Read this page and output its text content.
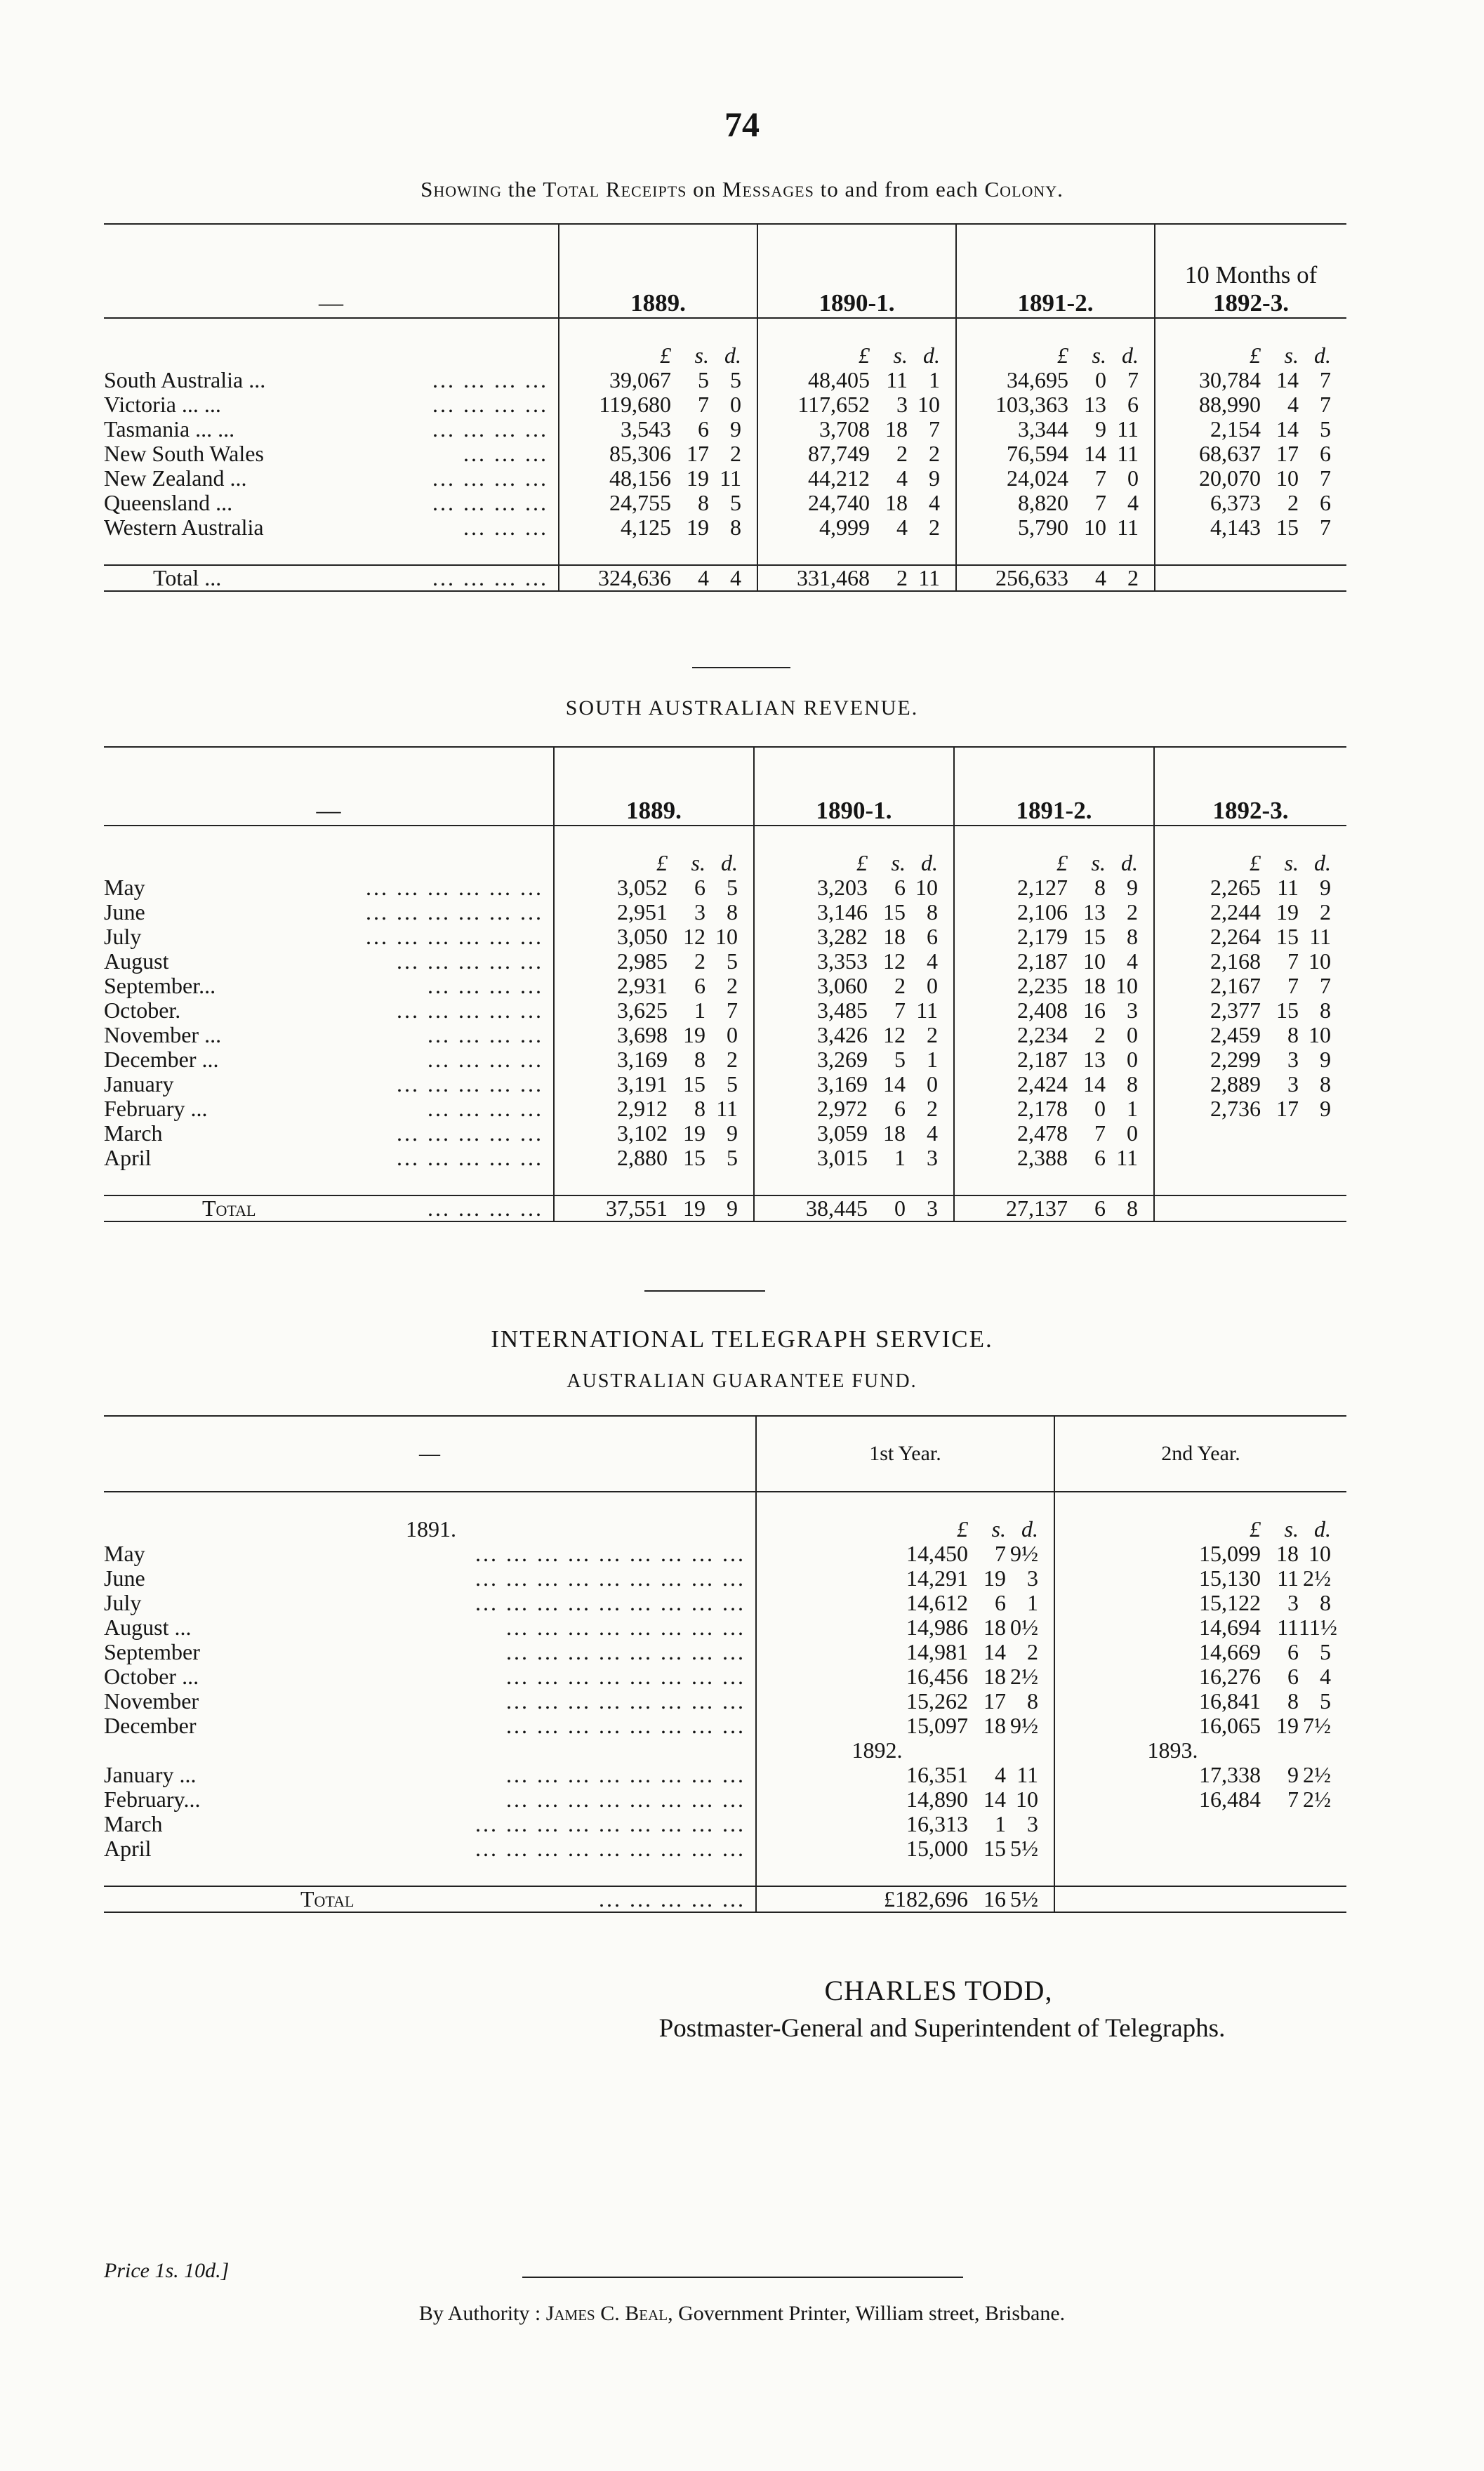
74
Showing the Total Receipts on Messages to and from each Colony.
—	1889.	1890-1.	1891-2.	10 Months of
1892-3.

	£ s. d.	£ s. d.	£ s. d.	£ s. d.

South Australia ... ... ... ... ...	39,067 5 5	48,405 11 1	34,695 0 7	30,784 14 7

Victoria ... ... ... ... ... ...	119,680 7 0	117,652 3 10	103,363 13 6	88,990 4 7

Tasmania ... ... ... ... ... ...	3,543 6 9	3,708 18 7	3,344 9 11	2,154 14 5

New South Wales ... ... ...	85,306 17 2	87,749 2 2	76,594 14 11	68,637 17 6

New Zealand ... ... ... ... ...	48,156 19 11	44,212 4 9	24,024 7 0	20,070 10 7

Queensland ... ... ... ... ...	24,755 8 5	24,740 18 4	8,820 7 4	6,373 2 6

Western Australia ... ... ...	4,125 19 8	4,999 4 2	5,790 10 11	4,143 15 7

Total ... ... ... ... ...	324,636 4 4	331,468 2 11	256,633 4 2	

SOUTH AUSTRALIAN REVENUE.
—	1889.	1890-1.	1891-2.	1892-3.

	£ s. d.	£ s. d.	£ s. d.	£ s. d.

May ... ... ... ... ... ...	3,052 6 5	3,203 6 10	2,127 8 9	2,265 11 9

June ... ... ... ... ... ...	2,951 3 8	3,146 15 8	2,106 13 2	2,244 19 2

July ... ... ... ... ... ...	3,050 12 10	3,282 18 6	2,179 15 8	2,264 15 11

August ... ... ... ... ...	2,985 2 5	3,353 12 4	2,187 10 4	2,168 7 10

September... ... ... ... ...	2,931 6 2	3,060 2 0	2,235 18 10	2,167 7 7

October. ... ... ... ... ...	3,625 1 7	3,485 7 11	2,408 16 3	2,377 15 8

November ... ... ... ... ...	3,698 19 0	3,426 12 2	2,234 2 0	2,459 8 10

December ... ... ... ... ...	3,169 8 2	3,269 5 1	2,187 13 0	2,299 3 9

January ... ... ... ... ...	3,191 15 5	3,169 14 0	2,424 14 8	2,889 3 8

February ... ... ... ... ...	2,912 8 11	2,972 6 2	2,178 0 1	2,736 17 9

March ... ... ... ... ...	3,102 19 9	3,059 18 4	2,478 7 0	

April ... ... ... ... ...	2,880 15 5	3,015 1 3	2,388 6 11	

Total ... ... ... ...	37,551 19 9	38,445 0 3	27,137 6 8	

INTERNATIONAL TELEGRAPH SERVICE.
AUSTRALIAN GUARANTEE FUND.
—	1st Year.	2nd Year.

1891.	£ s. d.	£ s. d.

May ... ... ... ... ... ... ... ... ...	14,450 7 9½	15,099 18 10

June ... ... ... ... ... ... ... ... ...	14,291 19 3	15,130 11 2½

July ... ... ... ... ... ... ... ... ...	14,612 6 1	15,122 3 8

August ... ... ... ... ... ... ... ... ...	14,986 18 0½	14,694 11 11½

September ... ... ... ... ... ... ... ...	14,981 14 2	14,669 6 5

October ... ... ... ... ... ... ... ... ...	16,456 18 2½	16,276 6 4

November ... ... ... ... ... ... ... ...	15,262 17 8	16,841 8 5

December ... ... ... ... ... ... ... ...	15,097 18 9½	16,065 19 7½

	1892.	1893.

January ... ... ... ... ... ... ... ... ...	16,351 4 11	17,338 9 2½

February... ... ... ... ... ... ... ... ...	14,890 14 10	16,484 7 2½

March ... ... ... ... ... ... ... ... ...	16,313 1 3	

April ... ... ... ... ... ... ... ... ...	15,000 15 5½	

Total ... ... ... ... ...	£182,696 16 5½	

CHARLES TODD,
Postmaster-General and Superintendent of Telegraphs.
Price 1s. 10d.]
By Authority : James C. Beal, Government Printer, William street, Brisbane.
